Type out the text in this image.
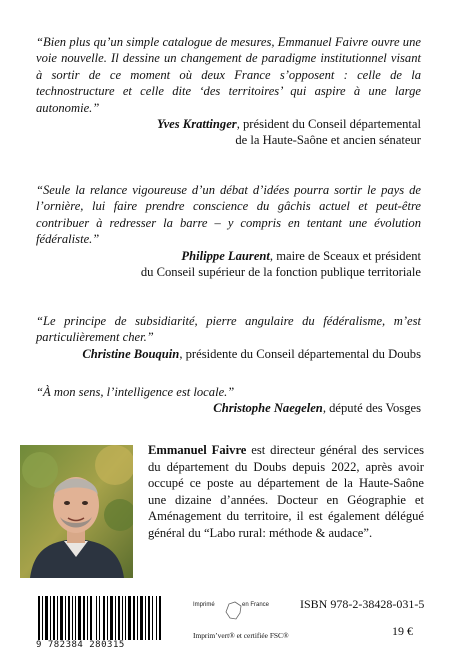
“Bien plus qu’un simple catalogue de mesures, Emmanuel Faivre ouvre une voie nouvelle. Il dessine un changement de paradigme institutionnel visant à sortir de ce moment où deux France s’opposent : celle de la technostructure et celle dite ‘des territoires’ qui aspire à une large autonomie.”

Yves Krattinger, président du Conseil départemental
de la Haute-Saône et ancien sénateur

“Seule la relance vigoureuse d’un débat d’idées pourra sortir le pays de l’ornière, lui faire prendre conscience du gâchis actuel et peut-être contribuer à redresser la barre – y compris en tentant une évolution fédéraliste.”

Philippe Laurent, maire de Sceaux et président
du Conseil supérieur de la fonction publique territoriale

“Le principe de subsidiarité, pierre angulaire du fédéralisme, m’est particulièrement cher.”

Christine Bouquin, présidente du Conseil départemental du Doubs

“À mon sens, l’intelligence est locale.”

Christophe Naegelen, député des Vosges

Emmanuel Faivre est directeur général des services du département du Doubs depuis 2022, après avoir occupé ce poste au département de la Haute-Saône une dizaine d’années. Docteur en Géographie et Aménagement du territoire, il est également délégué général du “Labo rural: méthode & audace”.

9 782384 280315
Imprimé	en France
Imprim’vert® et certifiée FSC®
ISBN 978-2-38428-031-5
19 €
